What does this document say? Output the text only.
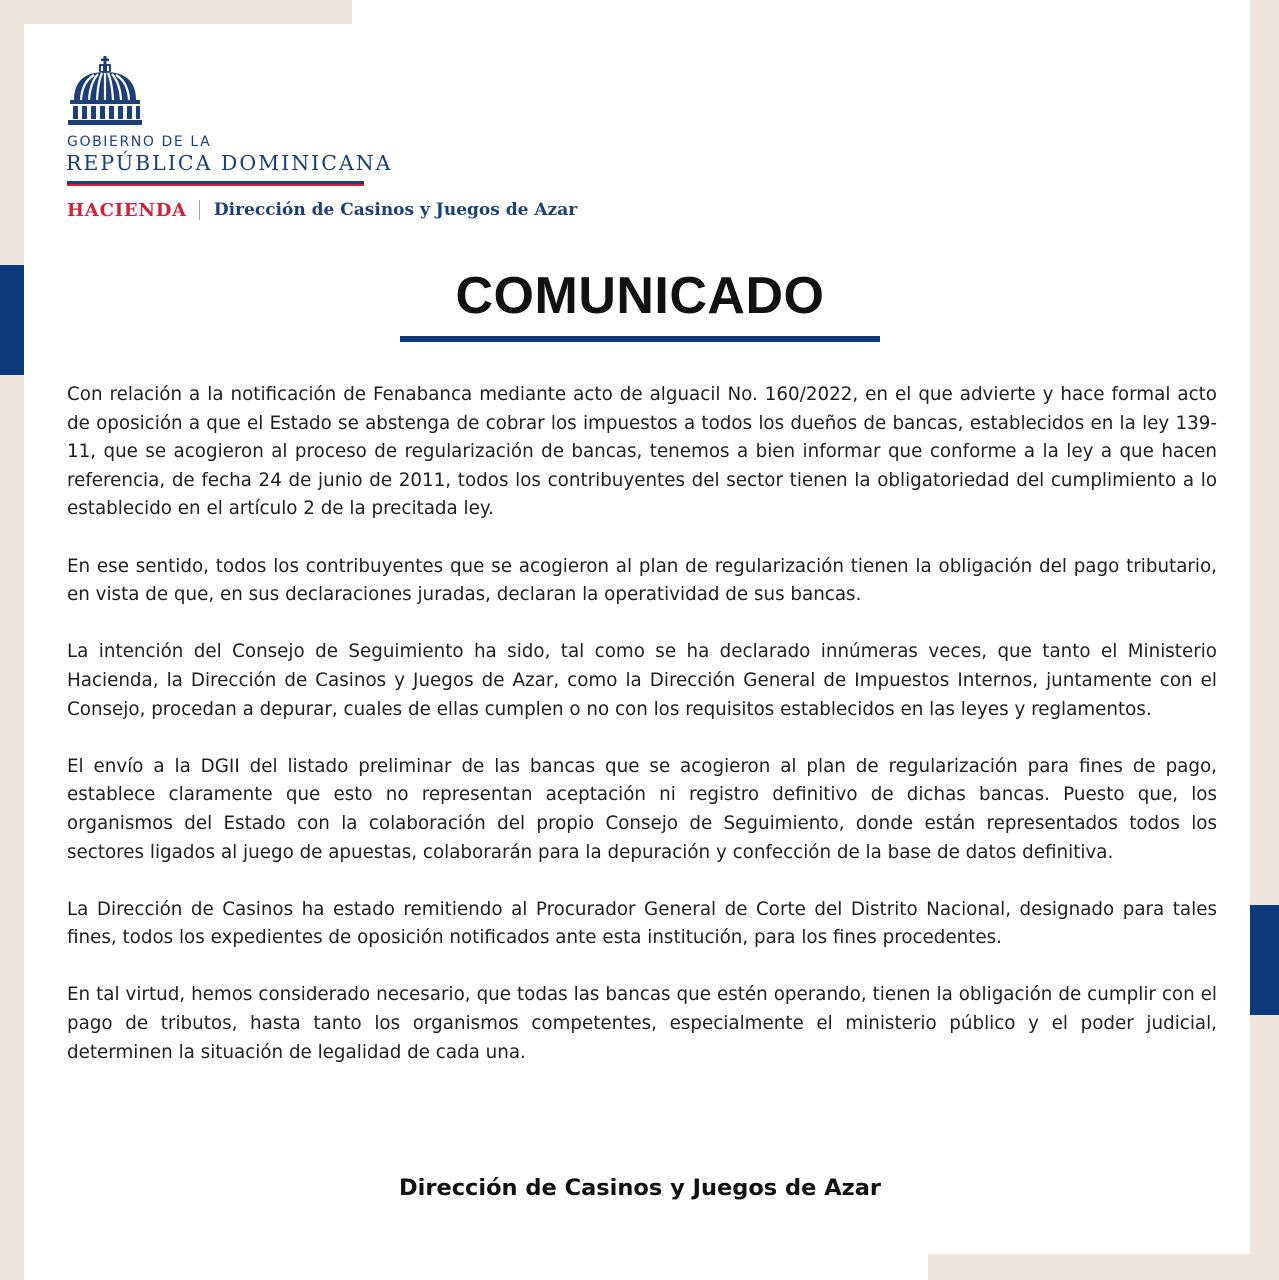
GOBIERNO DE LA
REPÚBLICA DOMINICANA
HACIENDA Dirección de Casinos y Juegos de Azar
COMUNICADO

Con relación a la notificación de Fenabanca mediante acto de alguacil No. 160/2022, en el que advierte y hace formal acto de oposición a que el Estado se abstenga de cobrar los impuestos a todos los dueños de bancas, establecidos en la ley 139-11, que se acogieron al proceso de regularización de bancas, tenemos a bien informar que conforme a la ley a que hacen referencia, de fecha 24 de junio de 2011, todos los contribuyentes del sector tienen la obligatoriedad del cumplimiento a lo establecido en el artículo 2 de la precitada ley.

En ese sentido, todos los contribuyentes que se acogieron al plan de regularización tienen la obligación del pago tributario, en vista de que, en sus declaraciones juradas, declaran la operatividad de sus bancas.

La intención del Consejo de Seguimiento ha sido, tal como se ha declarado innúmeras veces, que tanto el Ministerio Hacienda, la Dirección de Casinos y Juegos de Azar, como la Dirección General de Impuestos Internos, juntamente con el Consejo, procedan a depurar, cuales de ellas cumplen o no con los requisitos establecidos en las leyes y reglamentos.

El envío a la DGII del listado preliminar de las bancas que se acogieron al plan de regularización para fines de pago, establece claramente que esto no representan aceptación ni registro definitivo de dichas bancas. Puesto que, los organismos del Estado con la colaboración del propio Consejo de Seguimiento, donde están representados todos los sectores ligados al juego de apuestas, colaborarán para la depuración y confección de la base de datos definitiva.

La Dirección de Casinos ha estado remitiendo al Procurador General de Corte del Distrito Nacional, designado para tales fines, todos los expedientes de oposición notificados ante esta institución, para los fines procedentes.

En tal virtud, hemos considerado necesario, que todas las bancas que estén operando, tienen la obligación de cumplir con el pago de tributos, hasta tanto los organismos competentes, especialmente el ministerio público y el poder judicial, determinen la situación de legalidad de cada una.

Dirección de Casinos y Juegos de Azar
